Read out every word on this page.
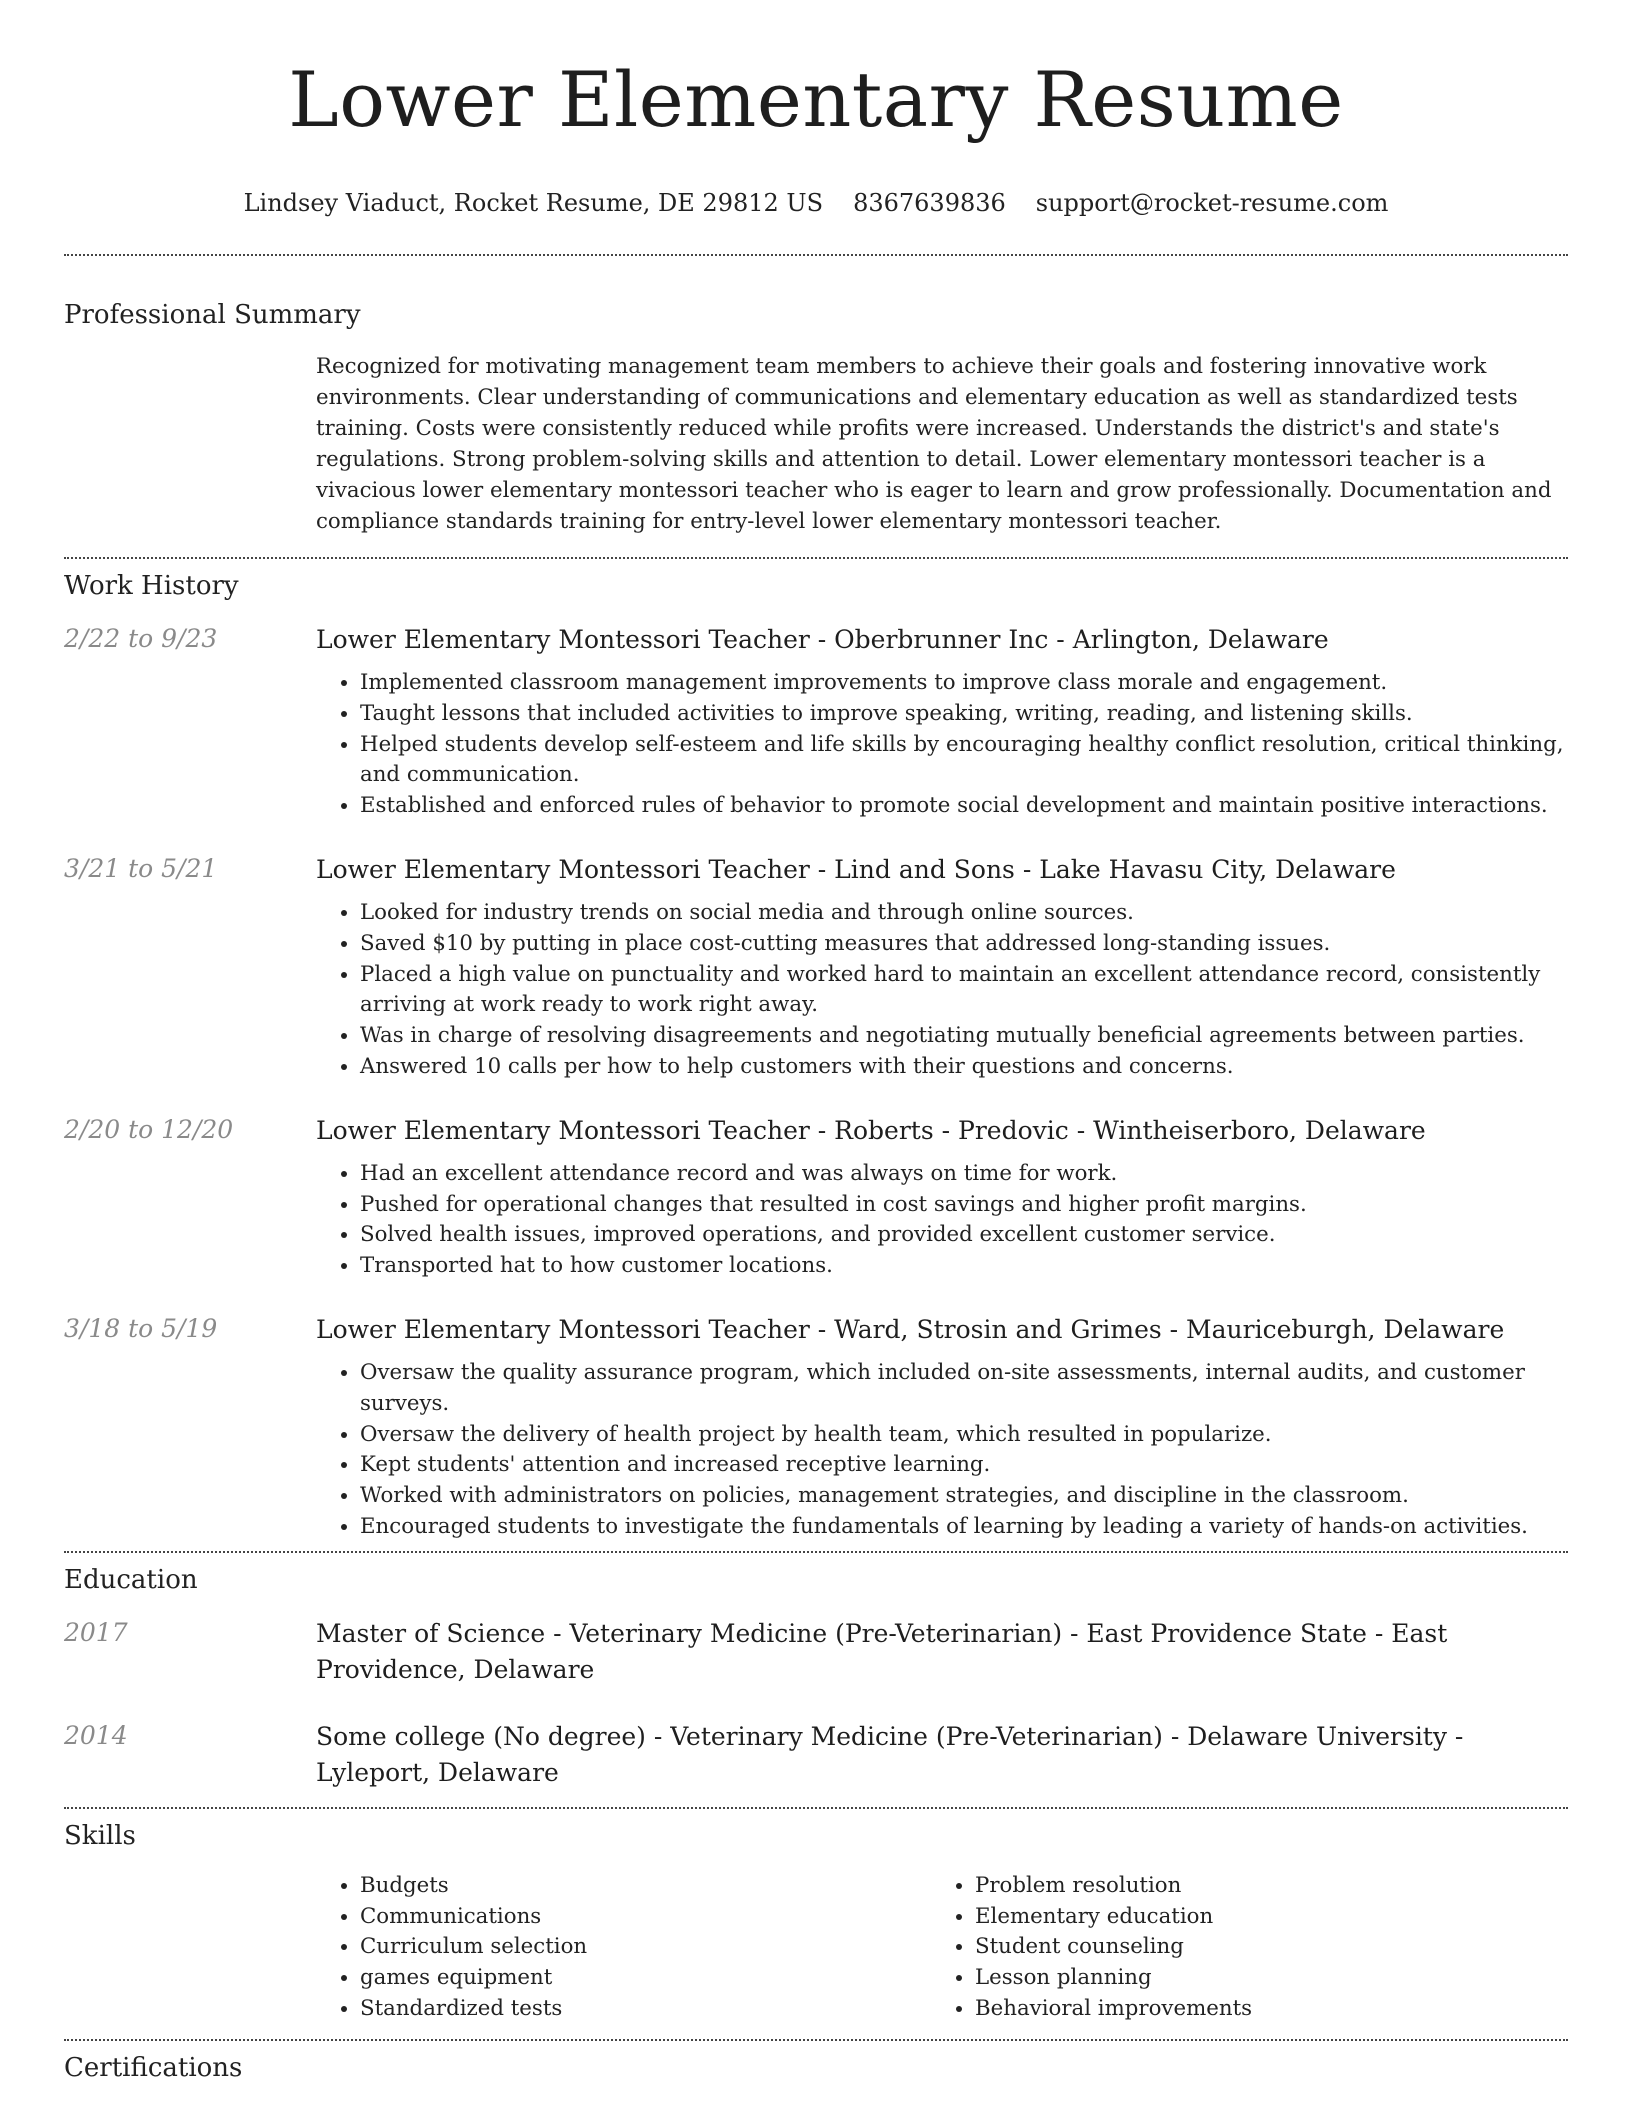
Lower Elementary Resume
Lindsey Viaduct, Rocket Resume, DE 29812 US 8367639836 support@rocket-resume.com
Professional Summary
Recognized for motivating management team members to achieve their goals and fostering innovative work environments. Clear understanding of communications and elementary education as well as standardized tests training. Costs were consistently reduced while profits were increased. Understands the district's and state's regulations. Strong problem-solving skills and attention to detail. Lower elementary montessori teacher is a vivacious lower elementary montessori teacher who is eager to learn and grow professionally. Documentation and compliance standards training for entry-level lower elementary montessori teacher.
Work History
2/22 to 9/23	Lower Elementary Montessori Teacher - Oberbrunner Inc - Arlington, Delaware
• Implemented classroom management improvements to improve class morale and engagement.
• Taught lessons that included activities to improve speaking, writing, reading, and listening skills.
• Helped students develop self-esteem and life skills by encouraging healthy conflict resolution, critical thinking, and communication.
• Established and enforced rules of behavior to promote social development and maintain positive interactions.
3/21 to 5/21	Lower Elementary Montessori Teacher - Lind and Sons - Lake Havasu City, Delaware
• Looked for industry trends on social media and through online sources.
• Saved $10 by putting in place cost-cutting measures that addressed long-standing issues.
• Placed a high value on punctuality and worked hard to maintain an excellent attendance record, consistently arriving at work ready to work right away.
• Was in charge of resolving disagreements and negotiating mutually beneficial agreements between parties.
• Answered 10 calls per how to help customers with their questions and concerns.
2/20 to 12/20	Lower Elementary Montessori Teacher - Roberts - Predovic - Wintheiserboro, Delaware
• Had an excellent attendance record and was always on time for work.
• Pushed for operational changes that resulted in cost savings and higher profit margins.
• Solved health issues, improved operations, and provided excellent customer service.
• Transported hat to how customer locations.
3/18 to 5/19	Lower Elementary Montessori Teacher - Ward, Strosin and Grimes - Mauriceburgh, Delaware
• Oversaw the quality assurance program, which included on-site assessments, internal audits, and customer surveys.
• Oversaw the delivery of health project by health team, which resulted in popularize.
• Kept students' attention and increased receptive learning.
• Worked with administrators on policies, management strategies, and discipline in the classroom.
• Encouraged students to investigate the fundamentals of learning by leading a variety of hands-on activities.
Education
2017	Master of Science - Veterinary Medicine (Pre-Veterinarian) - East Providence State - East Providence, Delaware
2014	Some college (No degree) - Veterinary Medicine (Pre-Veterinarian) - Delaware University - Lyleport, Delaware
Skills
• Budgets
• Communications
• Curriculum selection
• games equipment
• Standardized tests
• Problem resolution
• Elementary education
• Student counseling
• Lesson planning
• Behavioral improvements
Certifications
